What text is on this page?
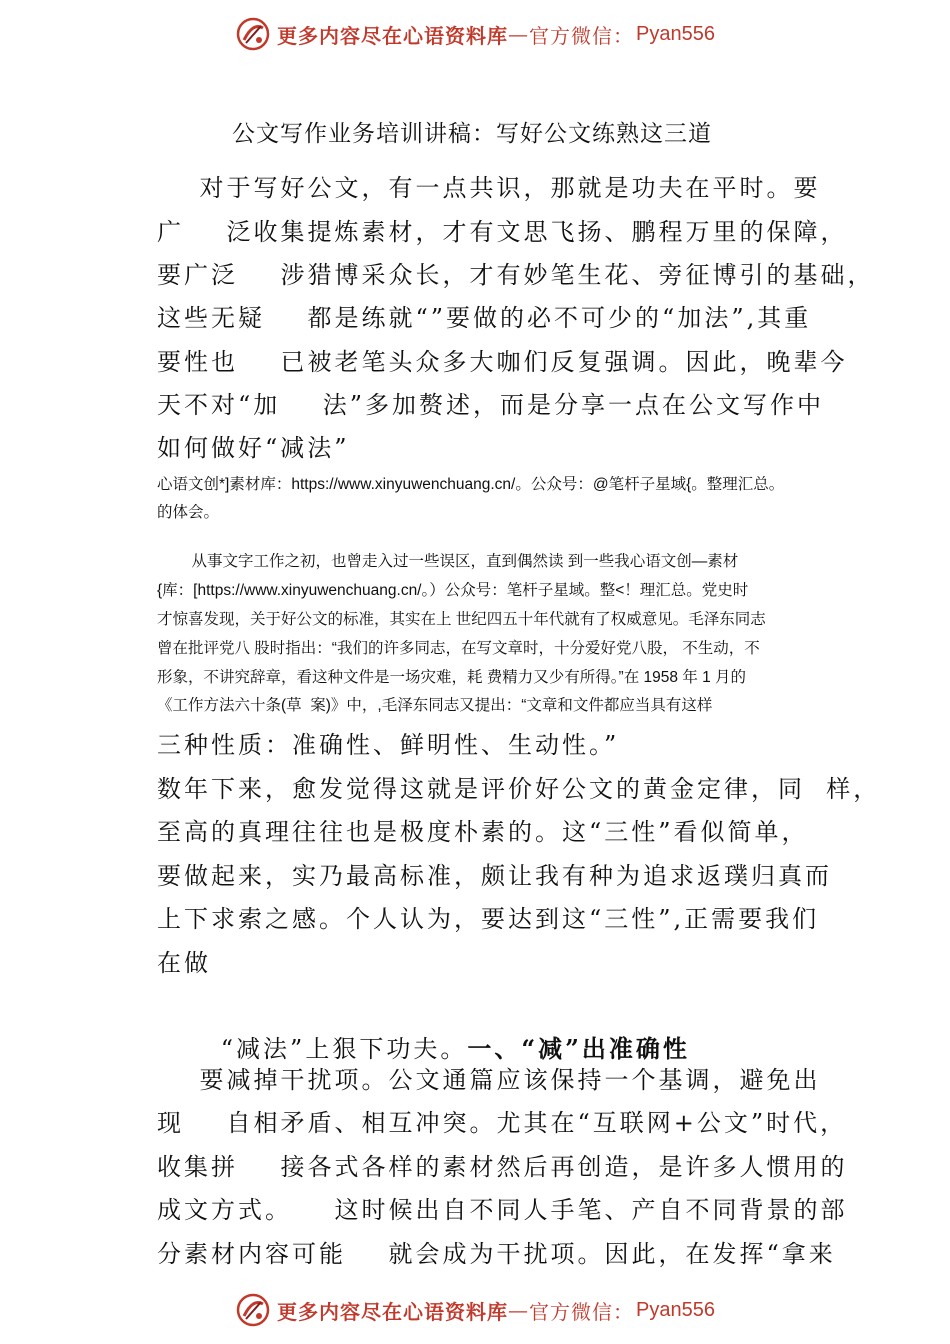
更多内容尽在心语资料库 — 官方微信： Pyan556
公文写作业务培训讲稿：写好公文练熟这三道
对于写好公文，有一点共识，那就是功夫在平时。要
广    泛收集提炼素材，才有文思飞扬、鹏程万里的保障，
要广泛    涉猎博采众长，才有妙笔生花、旁征博引的基础，
这些无疑    都是练就“”要做的必不可少的“加法”,其重
要性也    已被老笔头众多大咖们反复强调。因此，晚辈今
天不对“加    法”多加赘述，而是分享一点在公文写作中
如何做好“减法”
心语文创*]素材库：https://www.xinyuwenchuang.cn/。公众号：@笔杆子星域{。整理汇总。
的体会。
从事文字工作之初，也曾走入过一些误区，直到偶然读 到一些我心语文创—素材
{库：[https://www.xinyuwenchuang.cn/。）公众号：笔杆子星域。整<！理汇总。党史时
才惊喜发现，关于好公文的标准，其实在上 世纪四五十年代就有了权威意见。毛泽东同志
曾在批评党八 股时指出：“我们的许多同志，在写文章时，十分爱好党八股， 不生动，不
形象，不讲究辞章，看这种文件是一场灾难，耗 费精力又少有所得。”在 1958 年 1 月的
《工作方法六十条(草  案)》中，,毛泽东同志又提出：“文章和文件都应当具有这样
三种性质：准确性、鲜明性、生动性。”
数年下来，愈发觉得这就是评价好公文的黄金定律，同  样，
至高的真理往往也是极度朴素的。这“三性”看似简单，
要做起来，实乃最高标准，颇让我有种为追求返璞归真而
上下求索之感。个人认为，要达到这“三性”,正需要我们
在做

“减法”上狠下功夫。一、“减”出准确性

要减掉干扰项。公文通篇应该保持一个基调，避免出
现    自相矛盾、相互冲突。尤其在“互联网+公文”时代，
收集拼    接各式各样的素材然后再创造，是许多人惯用的
成文方式。    这时候出自不同人手笔、产自不同背景的部
分素材内容可能    就会成为干扰项。因此，在发挥“拿来
更多内容尽在心语资料库 — 官方微信： Pyan556
